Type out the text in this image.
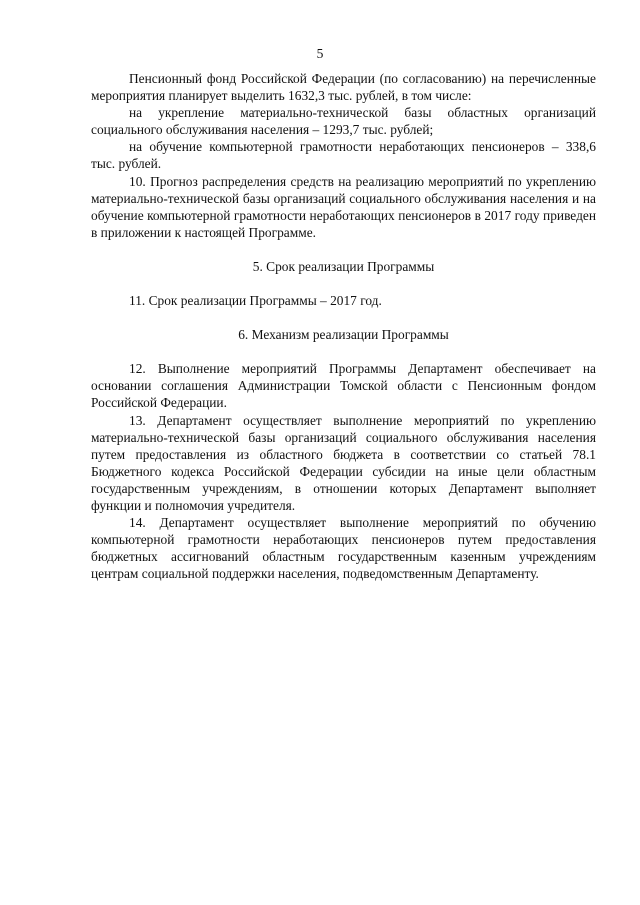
5

Пенсионный фонд Российской Федерации (по согласованию) на перечисленные мероприятия планирует выделить 1632,3 тыс. рублей, в том числе:

на укрепление материально-технической базы областных организаций социального обслуживания населения – 1293,7 тыс. рублей;

на обучение компьютерной грамотности неработающих пенсионеров – 338,6 тыс. рублей.

10. Прогноз распределения средств на реализацию мероприятий по укреплению материально-технической базы организаций социального обслуживания населения и на обучение компьютерной грамотности неработающих пенсионеров в 2017 году приведен в приложении к настоящей Программе.

5. Срок реализации Программы

11. Срок реализации Программы – 2017 год.

6. Механизм реализации Программы

12. Выполнение мероприятий Программы Департамент обеспечивает на основании соглашения Администрации Томской области с Пенсионным фондом Российской Федерации.

13. Департамент осуществляет выполнение мероприятий по укреплению материально-технической базы организаций социального обслуживания населения путем предоставления из областного бюджета в соответствии со статьей 78.1 Бюджетного кодекса Российской Федерации субсидии на иные цели областным государственным учреждениям, в отношении которых Департамент выполняет функции и полномочия учредителя.

14. Департамент осуществляет выполнение мероприятий по обучению компьютерной грамотности неработающих пенсионеров путем предоставления бюджетных ассигнований областным государственным казенным учреждениям центрам социальной поддержки населения, подведомственным Департаменту.
